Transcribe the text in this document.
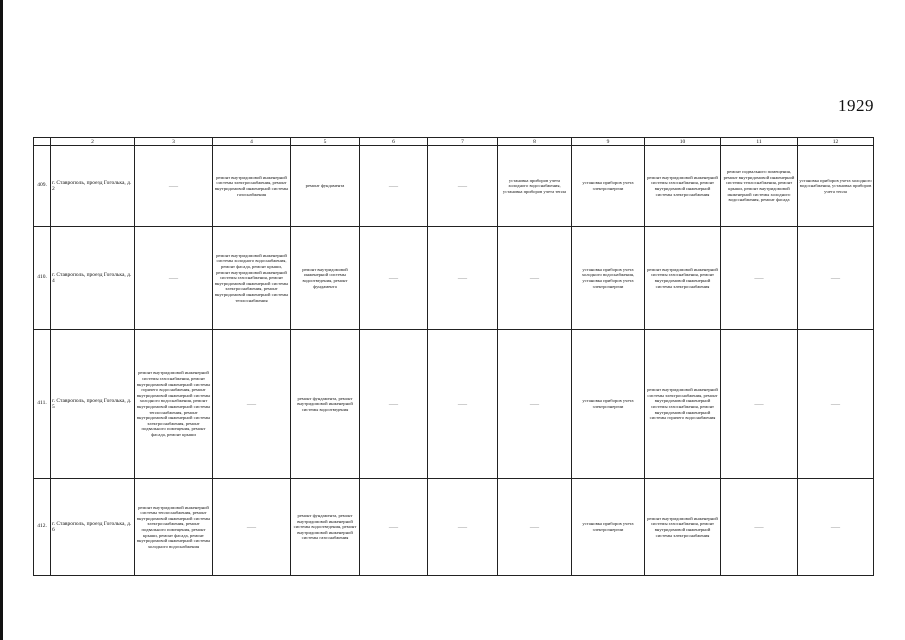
1929
	2	3	4	5	6	7	8	9	10	11	12
409.	г. Ставрополь, проезд Гоголька, д. 2	——	ремонт внутридомовой инженерной системы электроснабжения, ремонт внутридомовой инженерной системы газоснабжения	ремонт фундамента	——	——	установка приборов учета холодного водоснабжения, установка приборов учета тепла	установка приборов учета электроэнергии	ремонт внутридомовой инженерной системы газоснабжения, ремонт внутридомовой инженерной системы электроснабжения	ремонт подвального помещения, ремонт внутридомовой инженерной системы теплоснабжения, ремонт крыши, ремонт внутридомовой инженерной системы холодного водоснабжения, ремонт фасада	установка приборов учета холодного водоснабжения, установка приборов учета тепла
410.	г. Ставрополь, проезд Гоголька, д. 4	——	ремонт внутридомовой инженерной системы холодного водоснабжения, ремонт фасада, ремонт крыши, ремонт внутридомовой инженерной системы газоснабжения, ремонт внутридомовой инженерной системы электроснабжения, ремонт внутридомовой инженерной системы теплоснабжения	ремонт внутридомовой инженерной системы водоотведения, ремонт фундамента	——	——	——	установка приборов учета холодного водоснабжения, установка приборов учета электроэнергии	ремонт внутридомовой инженерной системы газоснабжения, ремонт внутридомовой инженерной системы электроснабжения	——	——
411.	г. Ставрополь, проезд Гоголька, д. 5	ремонт внутридомовой инженерной системы газоснабжения, ремонт внутридомовой инженерной системы горячего водоснабжения, ремонт внутридомовой инженерной системы холодного водоснабжения, ремонт внутридомовой инженерной системы теплоснабжения, ремонт внутридомовой инженерной системы электроснабжения, ремонт подвального помещения, ремонт фасада, ремонт крыши	——	ремонт фундамента, ремонт внутридомовой инженерной системы водоотведения	——	——	——	установка приборов учета электроэнергии	ремонт внутридомовой инженерной системы электроснабжения, ремонт внутридомовой инженерной системы газоснабжения, ремонт внутридомовой инженерной системы горячего водоснабжения	——	——
412.	г. Ставрополь, проезд Гоголька, д. 6	ремонт внутридомовой инженерной системы теплоснабжения, ремонт внутридомовой инженерной системы электроснабжения, ремонт подвального помещения, ремонт крыши, ремонт фасада, ремонт внутридомовой инженерной системы холодного водоснабжения	——	ремонт фундамента, ремонт внутридомовой инженерной системы водоотведения, ремонт внутридомовой инженерной системы газоснабжения	——	——	——	установка приборов учета электроэнергии	ремонт внутридомовой инженерной системы газоснабжения, ремонт внутридомовой инженерной системы электроснабжения	——	——
